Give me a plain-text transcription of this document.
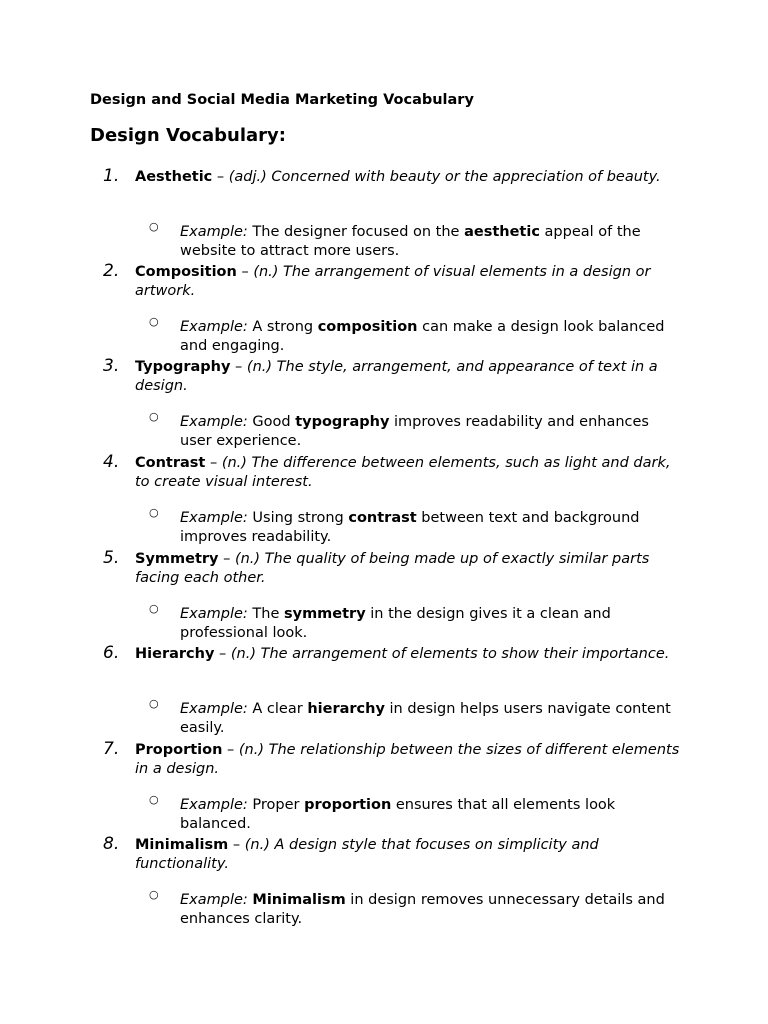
Design and Social Media Marketing Vocabulary
Design Vocabulary:
1. Aesthetic – (adj.) Concerned with beauty or the appreciation of beauty.
○ Example: The designer focused on the aesthetic appeal of the website to attract more users.
2. Composition – (n.) The arrangement of visual elements in a design or artwork.
○ Example: A strong composition can make a design look balanced and engaging.
3. Typography – (n.) The style, arrangement, and appearance of text in a design.
○ Example: Good typography improves readability and enhances user experience.
4. Contrast – (n.) The difference between elements, such as light and dark, to create visual interest.
○ Example: Using strong contrast between text and background improves readability.
5. Symmetry – (n.) The quality of being made up of exactly similar parts facing each other.
○ Example: The symmetry in the design gives it a clean and professional look.
6. Hierarchy – (n.) The arrangement of elements to show their importance.
○ Example: A clear hierarchy in design helps users navigate content easily.
7. Proportion – (n.) The relationship between the sizes of different elements in a design.
○ Example: Proper proportion ensures that all elements look balanced.
8. Minimalism – (n.) A design style that focuses on simplicity and functionality.
○ Example: Minimalism in design removes unnecessary details and enhances clarity.
